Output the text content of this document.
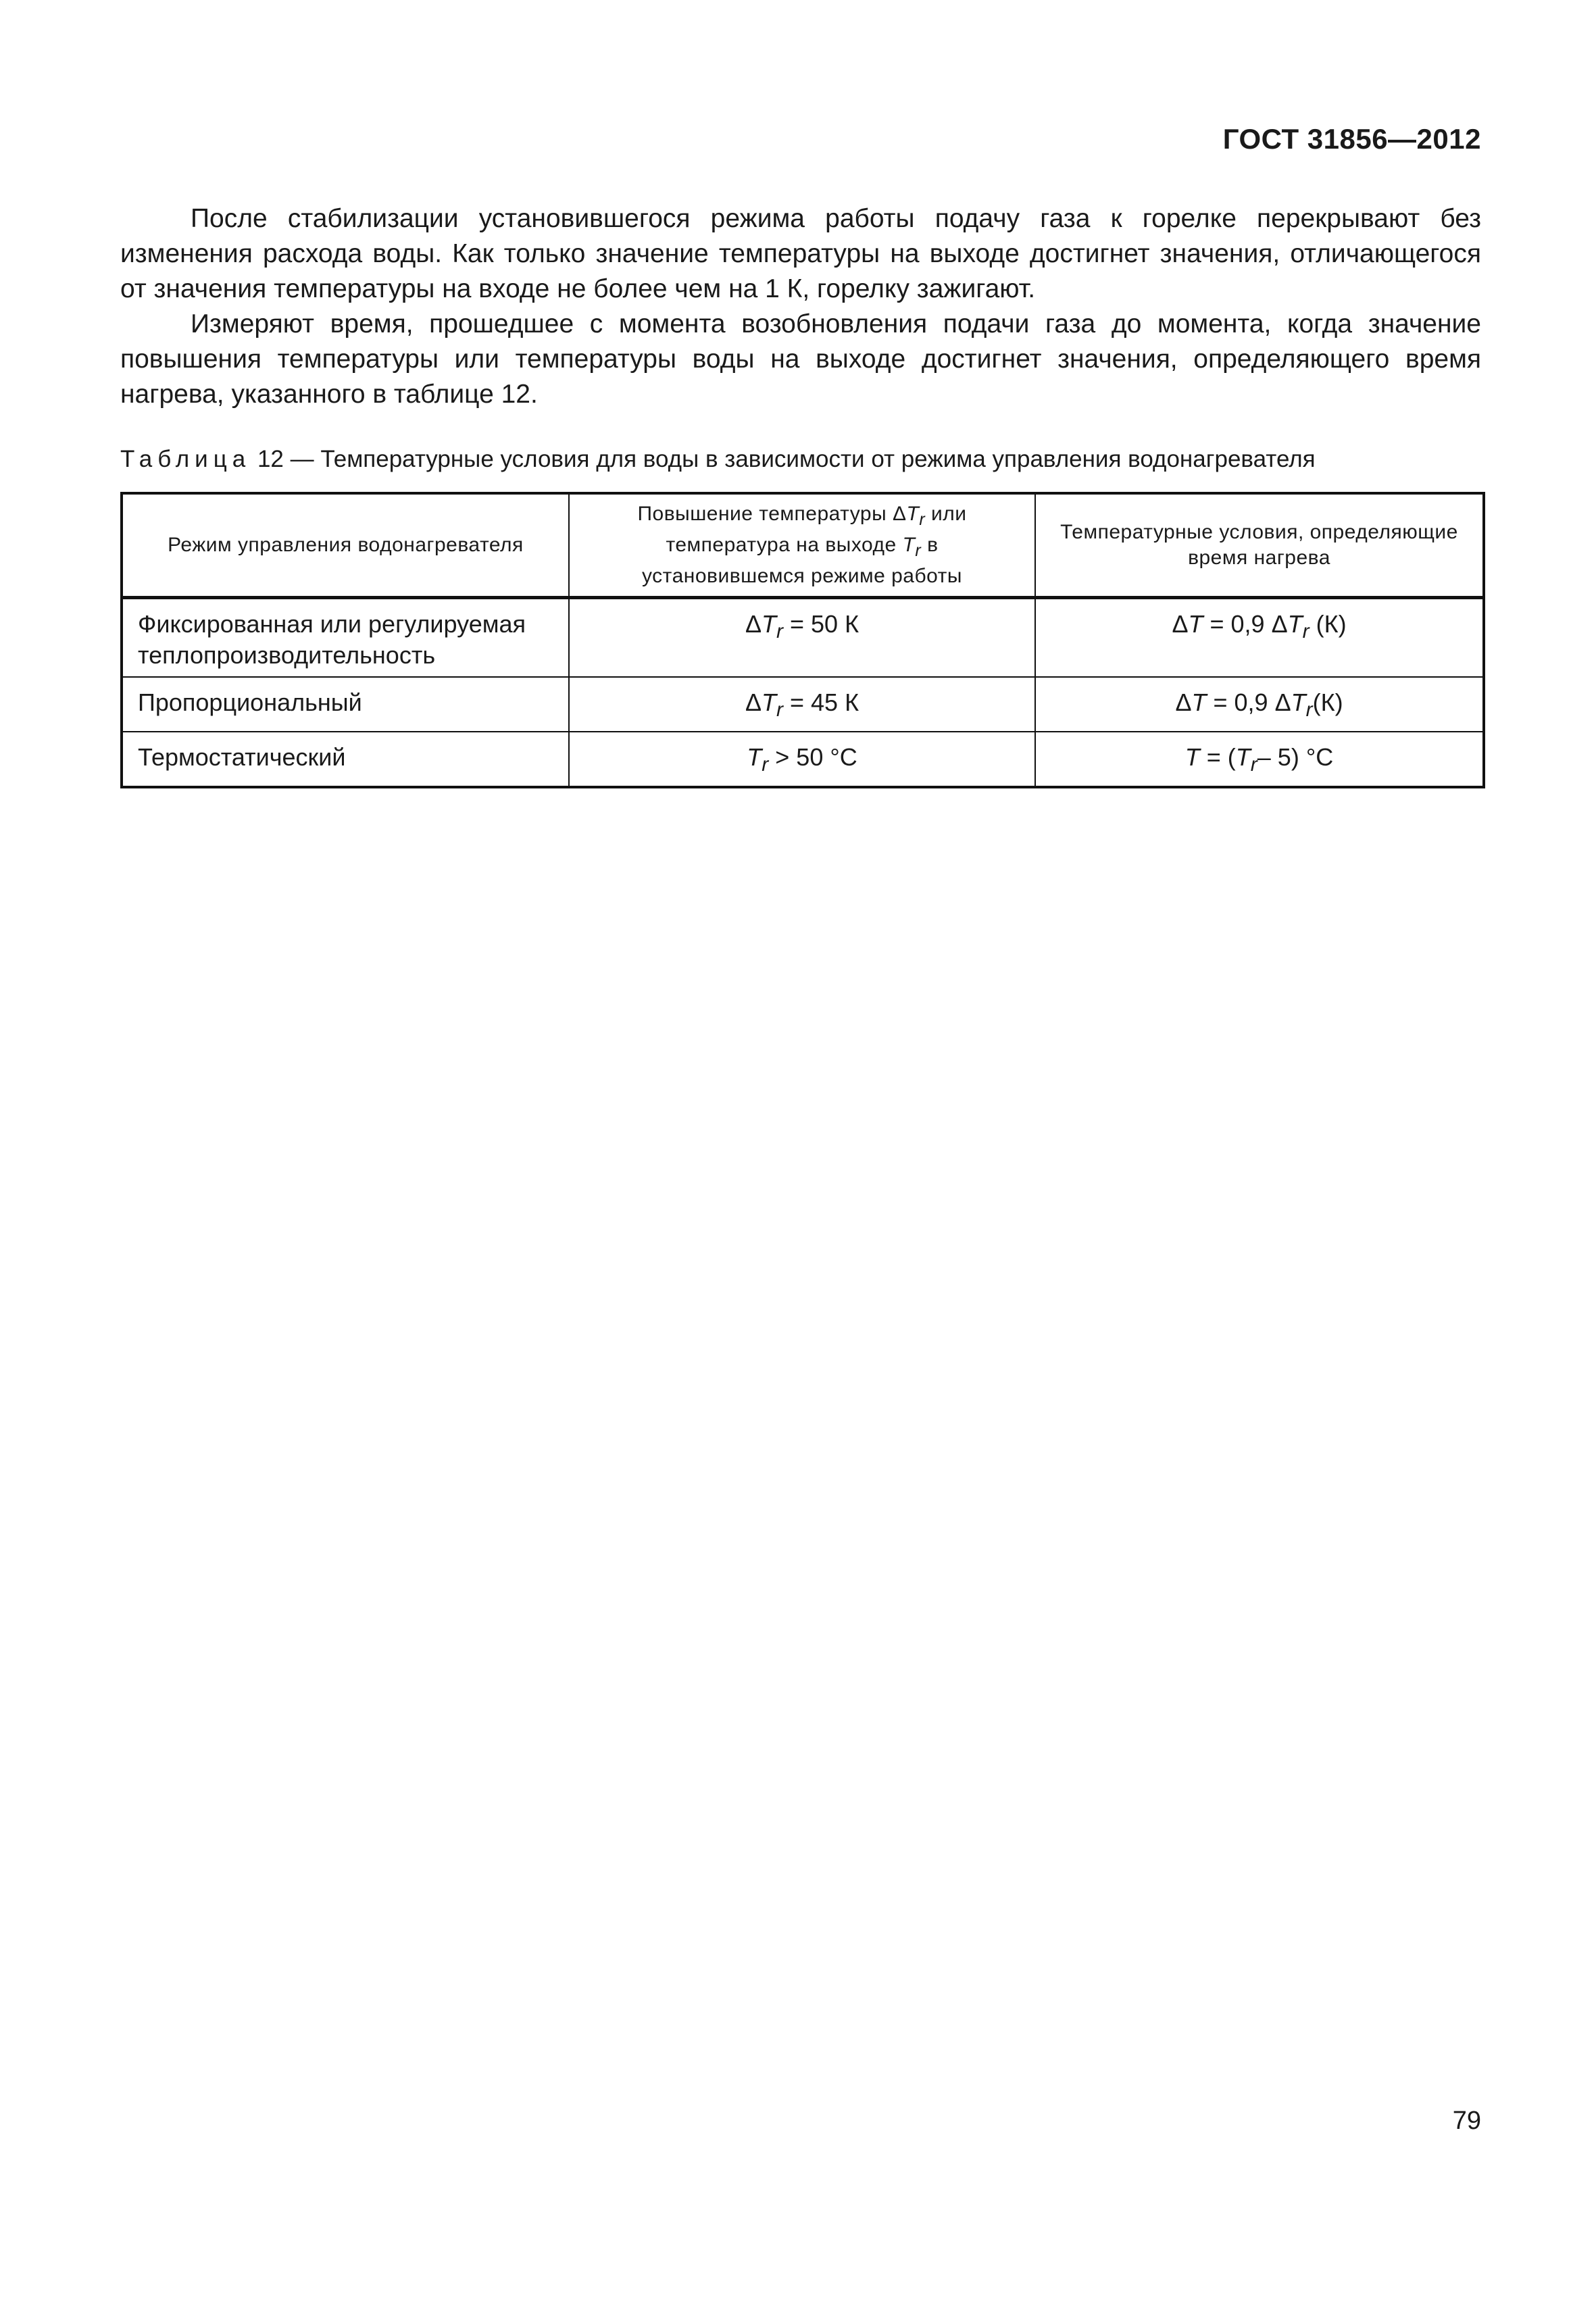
ГОСТ 31856—2012

После стабилизации установившегося режима работы подачу газа к горелке перекрывают без изменения расхода воды. Как только значение температуры на выходе достигнет значения, отличающегося от значения температуры на входе не более чем на 1 К, горелку зажигают.

Измеряют время, прошедшее с момента возобновления подачи газа до момента, когда значение повышения температуры или температуры воды на выходе достигнет значения, определяющего время нагрева, указанного в таблице 12.

Таблица 12 — Температурные условия для воды в зависимости от режима управления водонагревателя
Режим управления водонагревателя	Повышение температуры $\Delta T_r$ или температура на выходе $T_r$ в установившемся режиме работы	Температурные условия, определяющие время нагрева
Фиксированная или регулируемая теплопроизводительность	$\Delta T_r = 50$ К	ΔT = 0,9 $\Delta T_r$ (К)
Пропорциональный	$\Delta T_r = 45$ К	ΔT = 0,9 $\Delta T_r(К)$
Термостатический	$T_r > 50$ °С	$T = (T_r-$ 5) °С
79
